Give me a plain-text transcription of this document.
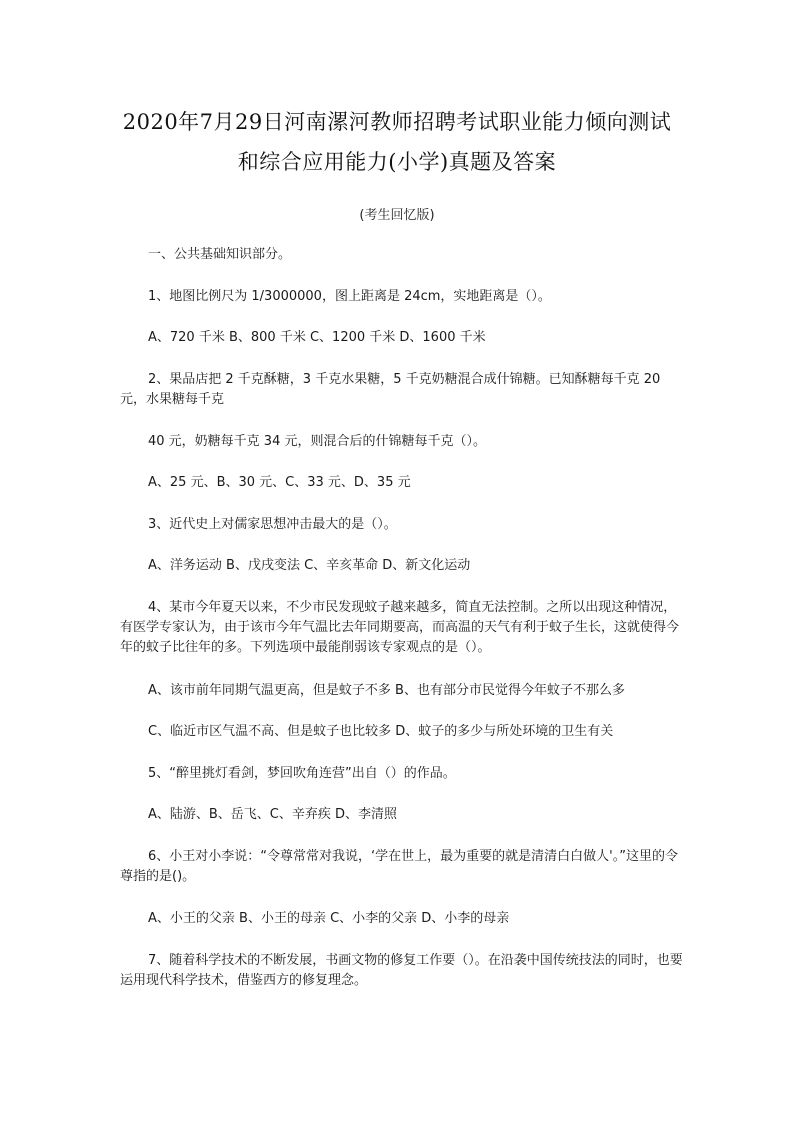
2020年7月29日河南漯河教师招聘考试职业能力倾向测试
和综合应用能力(小学)真题及答案
(考生回忆版)
一、公共基础知识部分。
1、地图比例尺为 1/3000000，图上距离是 24cm，实地距离是（）。
A、720 千米 B、800 千米 C、1200 千米 D、1600 千米
2、果品店把 2 千克酥糖，3 千克水果糖，5 千克奶糖混合成什锦糖。已知酥糖每千克 20 元，水果糖每千克
40 元，奶糖每千克 34 元，则混合后的什锦糖每千克（）。
A、25 元、B、30 元、C、33 元、D、35 元
3、近代史上对儒家思想冲击最大的是（）。
A、洋务运动 B、戊戌变法 C、辛亥革命 D、新文化运动
4、某市今年夏天以来，不少市民发现蚊子越来越多，简直无法控制。之所以出现这种情况，有医学专家认为，由于该市今年气温比去年同期要高，而高温的天气有利于蚊子生长，这就使得今年的蚊子比往年的多。下列选项中最能削弱该专家观点的是（）。
A、该市前年同期气温更高，但是蚊子不多 B、也有部分市民觉得今年蚊子不那么多
C、临近市区气温不高、但是蚊子也比较多 D、蚊子的多少与所处环境的卫生有关
5、“醉里挑灯看剑，梦回吹角连营”出自（）的作品。
A、陆游、B、岳飞、C、辛弃疾 D、李清照
6、小王对小李说：“令尊常常对我说，‘学在世上，最为重要的就是清清白白做人'。”这里的令尊指的是()。
A、小王的父亲 B、小王的母亲 C、小李的父亲 D、小李的母亲
7、随着科学技术的不断发展，书画文物的修复工作要（）。在沿袭中国传统技法的同时，也要运用现代科学技术，借鉴西方的修复理念。
